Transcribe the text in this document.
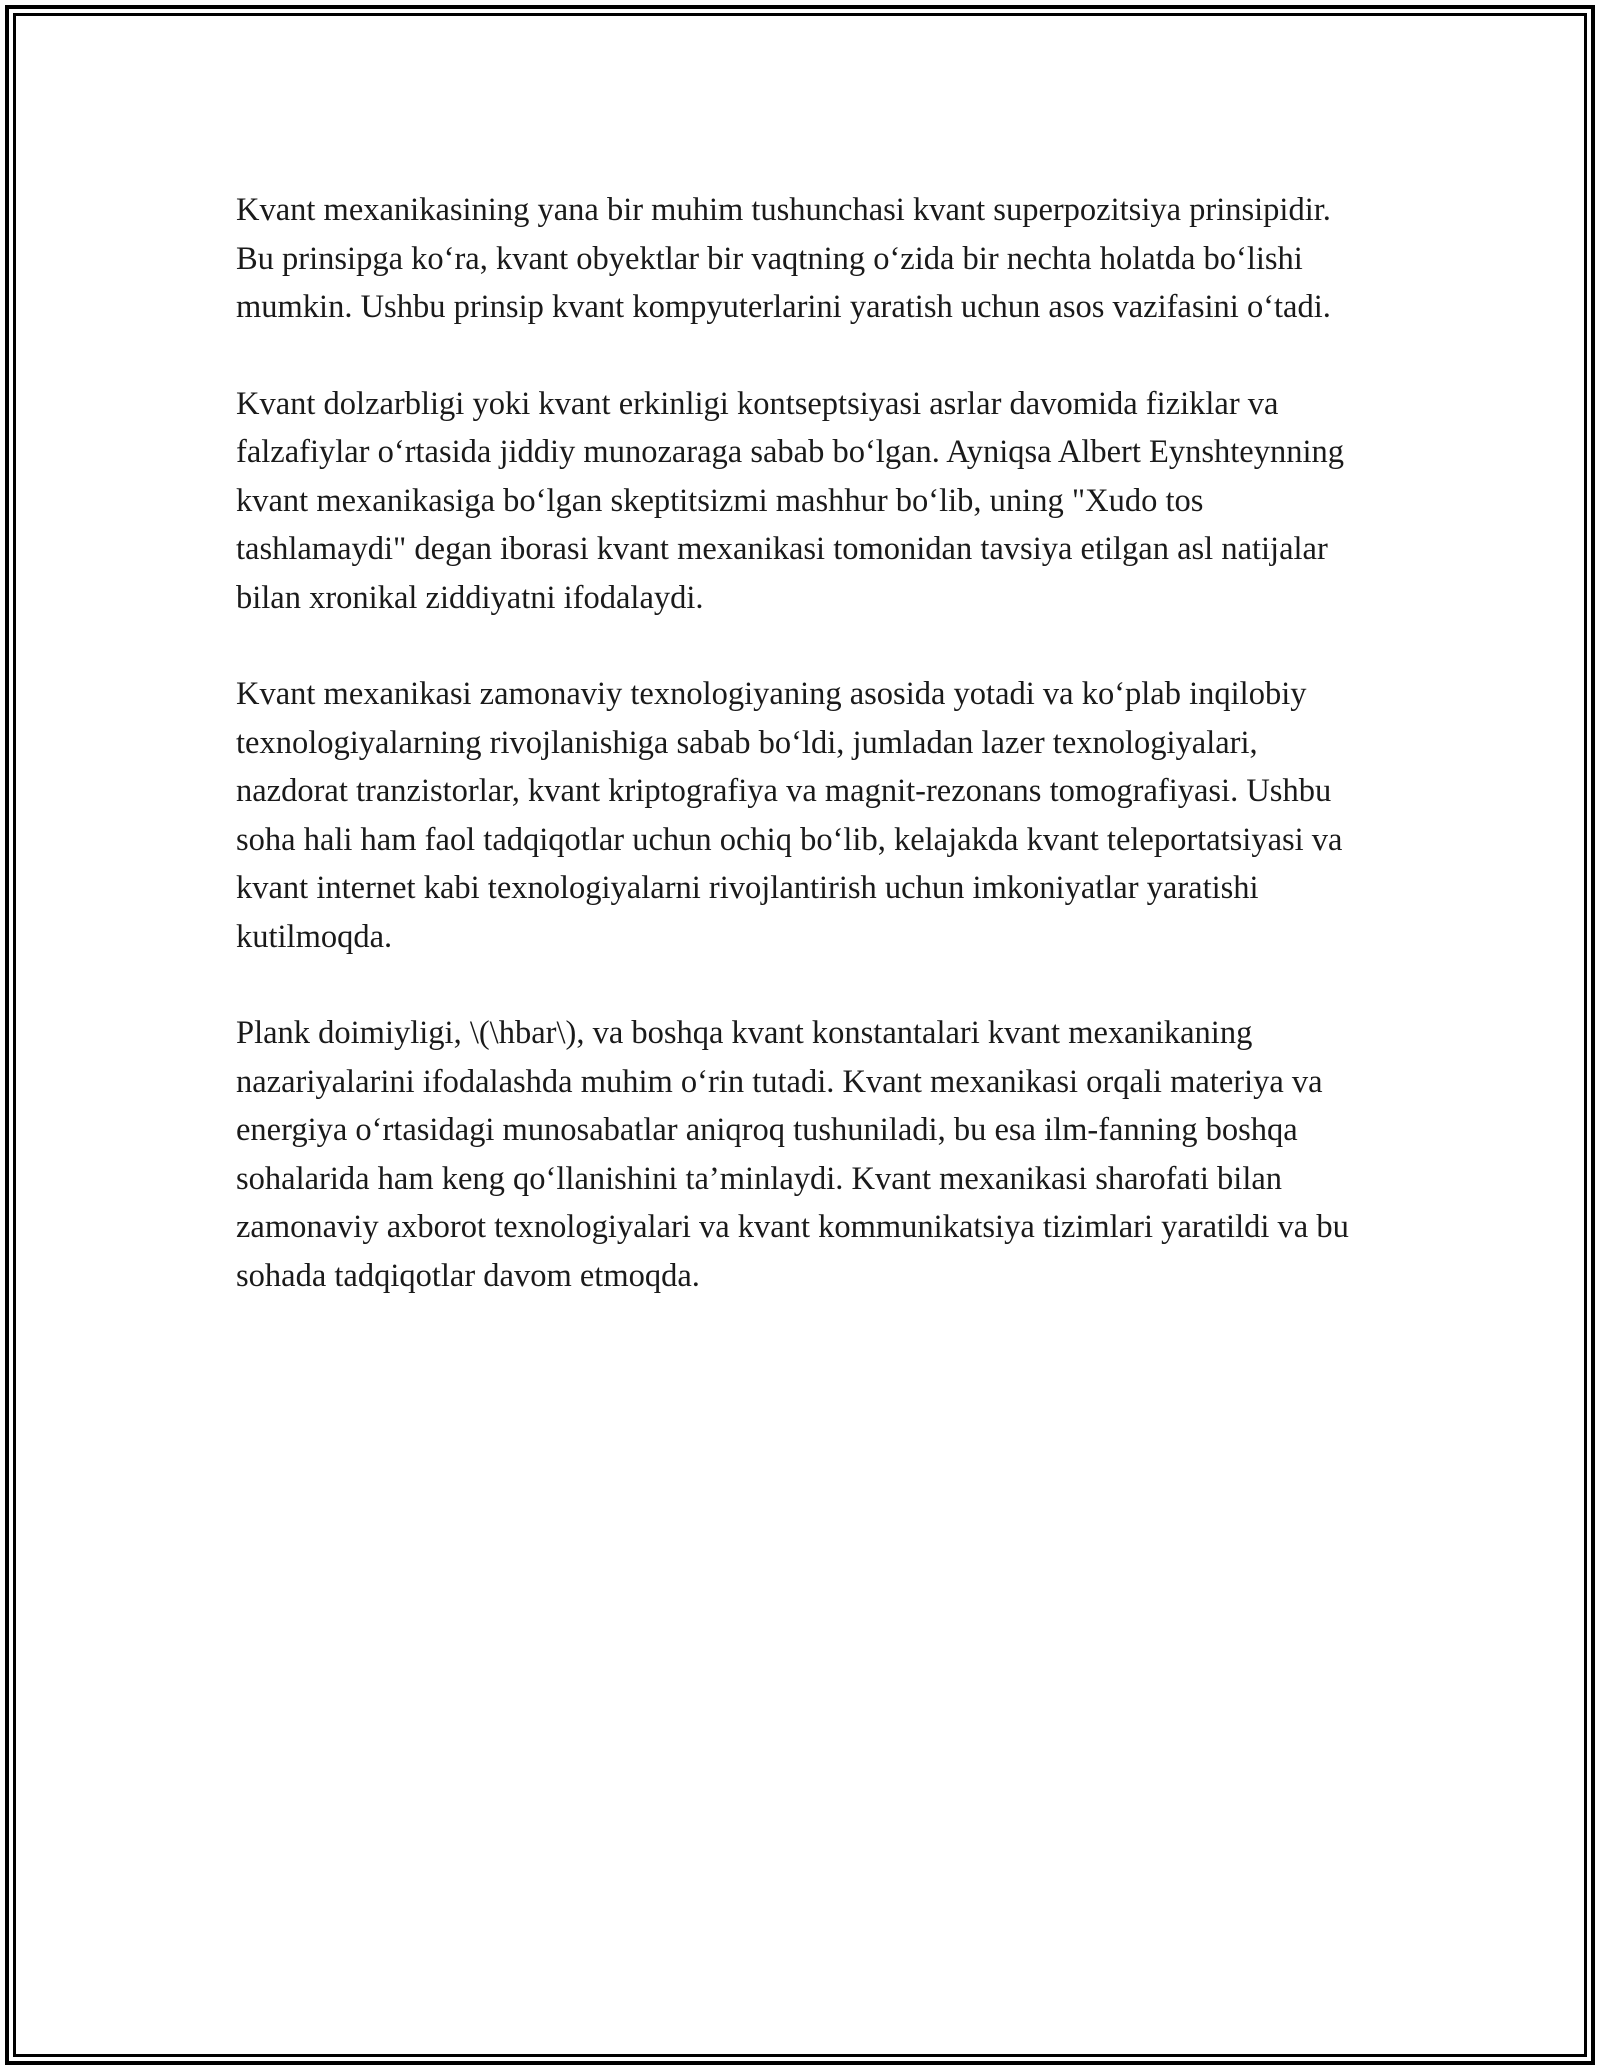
Kvant mexanikasining yana bir muhim tushunchasi kvant superpozitsiya prinsipidir. Bu prinsipga ko‘ra, kvant obyektlar bir vaqtning o‘zida bir nechta holatda bo‘lishi mumkin. Ushbu prinsip kvant kompyuterlarini yaratish uchun asos vazifasini o‘tadi.

Kvant dolzarbligi yoki kvant erkinligi kontseptsiyasi asrlar davomida fiziklar va falzafiylar o‘rtasida jiddiy munozaraga sabab bo‘lgan. Ayniqsa Albert Eynshteynning kvant mexanikasiga bo‘lgan skeptitsizmi mashhur bo‘lib, uning "Xudo tos tashlamaydi" degan iborasi kvant mexanikasi tomonidan tavsiya etilgan asl natijalar bilan xronikal ziddiyatni ifodalaydi.

Kvant mexanikasi zamonaviy texnologiyaning asosida yotadi va ko‘plab inqilobiy texnologiyalarning rivojlanishiga sabab bo‘ldi, jumladan lazer texnologiyalari, nazdorat tranzistorlar, kvant kriptografiya va magnit-rezonans tomografiyasi. Ushbu soha hali ham faol tadqiqotlar uchun ochiq bo‘lib, kelajakda kvant teleportatsiyasi va kvant internet kabi texnologiyalarni rivojlantirish uchun imkoniyatlar yaratishi kutilmoqda.

Plank doimiyligi, \(\hbar\), va boshqa kvant konstantalari kvant mexanikaning nazariyalarini ifodalashda muhim o‘rin tutadi. Kvant mexanikasi orqali materiya va energiya o‘rtasidagi munosabatlar aniqroq tushuniladi, bu esa ilm-fanning boshqa sohalarida ham keng qo‘llanishini ta’minlaydi. Kvant mexanikasi sharofati bilan zamonaviy axborot texnologiyalari va kvant kommunikatsiya tizimlari yaratildi va bu sohada tadqiqotlar davom etmoqda.
